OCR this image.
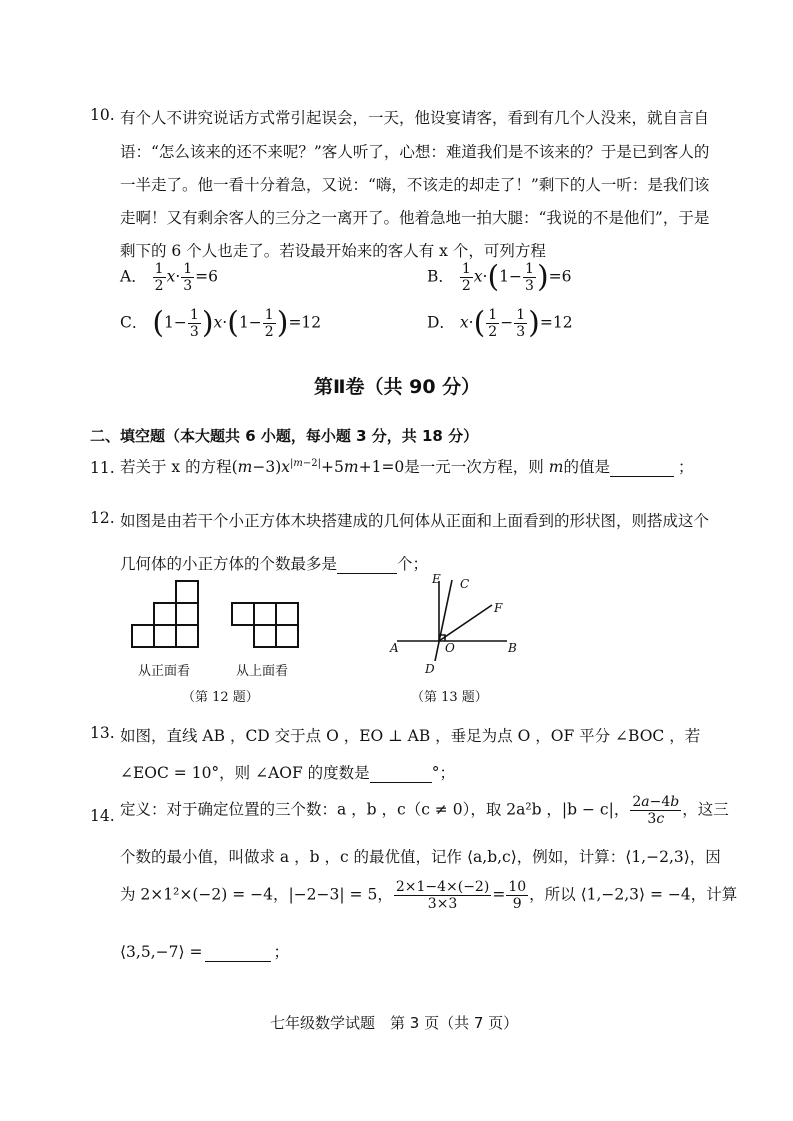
10. 有个人不讲究说话方式常引起误会，一天，他设宴请客，看到有几个人没来，就自言自
语：“怎么该来的还不来呢？”客人听了，心想：难道我们是不该来的？于是已到客人的
一半走了。他一看十分着急，又说：“嗨，不该走的却走了！”剩下的人一听：是我们该
走啊！又有剩余客人的三分之一离开了。他着急地一拍大腿：“我说的不是他们”，于是
剩下的 6 个人也走了。若设最开始来的客人有 x 个，可列方程
A． $\frac{1}{2} x\cdot \frac{1}{3} =6$	B． $\frac{1}{2} x\cdot(1- \frac{1}{3} )=6$
C． $(1- \frac{1}{3} )x\cdot(1- \frac{1}{2} )=12$	D． $x\cdot( \frac{1}{2} - \frac{1}{3} )=12$
第Ⅱ卷（共 90 分）
二、填空题（本大题共 6 小题，每小题 3 分，共 18 分）
11. 若关于 x 的方程$(m-3)x^{|m-2|}+5m+1=0$是一元一次方程，则 m的值是	；
12. 如图是由若干个小正方体木块搭建成的几何体从正面和上面看到的形状图，则搭成这个
几何体的小正方体的个数最多是	个；
从正面看	从上面看
（第 12 题）
E C
F
A	O	B
D
（第 13 题）
13. 如图，直线 AB ，CD 交于点 O ，EO ⊥ AB ，垂足为点 O ，OF 平分 ∠BOC ，若
∠EOC = 10°，则 ∠AOF 的度数是	°；
14. 定义：对于确定位置的三个数：a ，b ，c（c ≠ 0），取 2a²b ，|b − c|， $\frac{2a-4b}{3c}$ ，这三
个数的最小值，叫做求 a ，b ，c 的最优值，记作 ⟨a,b,c⟩，例如，计算：⟨1,−2,3⟩，因
为 2×1²×(−2) = −4，|−2−3| = 5， $\frac{2\times 1-4\times(-2)}{3\times 3} = \frac{10}{9}$ ，所以 ⟨1,−2,3⟩ = −4，计算
⟨3,5,−7⟩ =	；
七年级数学试题　第 3 页（共 7 页）
